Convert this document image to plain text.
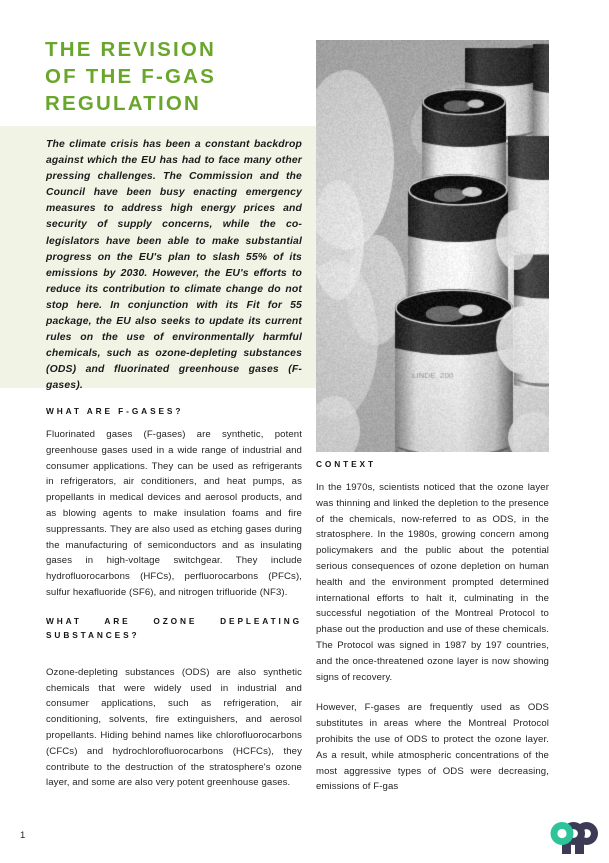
THE REVISION
OF THE F-GAS
REGULATION
The climate crisis has been a constant backdrop against which the EU has had to face many other pressing challenges. The Commission and the Council have been busy enacting emergency measures to address high energy prices and security of supply concerns, while the co-legislators have been able to make substantial progress on the EU's plan to slash 55% of its emissions by 2030. However, the EU's efforts to reduce its contribution to climate change do not stop here. In conjunction with its Fit for 55 package, the EU also seeks to update its current rules on the use of environmentally harmful chemicals, such as ozone-depleting substances (ODS) and fluorinated greenhouse gases (F-gases).
WHAT ARE F-GASES?
Fluorinated gases (F-gases) are synthetic, potent greenhouse gases used in a wide range of industrial and consumer applications. They can be used as refrigerants in refrigerators, air conditioners, and heat pumps, as propellants in medical devices and aerosol products, and as blowing agents to make insulation foams and fire suppressants. They are also used as etching gases during the manufacturing of semiconductors and as insulating gases in high-voltage switchgear. They include hydrofluorocarbons (HFCs), perfluorocarbons (PFCs), sulfur hexafluoride (SF6), and nitrogen trifluoride (NF3).
WHAT ARE OZONE DEPLEATING SUBSTANCES?
Ozone-depleting substances (ODS) are also synthetic chemicals that were widely used in industrial and consumer applications, such as refrigeration, air conditioning, solvents, fire extinguishers, and aerosol propellants. Hiding behind names like chlorofluorocarbons (CFCs) and hydrochlorofluorocarbons (HCFCs), they contribute to the destruction of the stratosphere's ozone layer, and some are also very potent greenhouse gases.
CONTEXT
In the 1970s, scientists noticed that the ozone layer was thinning and linked the depletion to the presence of the chemicals, now-referred to as ODS, in the stratosphere. In the 1980s, growing concern among policymakers and the public about the potential serious consequences of ozone depletion on human health and the environment prompted determined international efforts to halt it, culminating in the successful negotiation of the Montreal Protocol to phase out the production and use of these chemicals. The Protocol was signed in 1987 by 197 countries, and the once-threatened ozone layer is now showing signs of recovery.
However, F-gases are frequently used as ODS substitutes in areas where the Montreal Protocol prohibits the use of ODS to protect the ozone layer. As a result, while atmospheric concentrations of the most aggressive types of ODS were decreasing, emissions of F-gas
1
